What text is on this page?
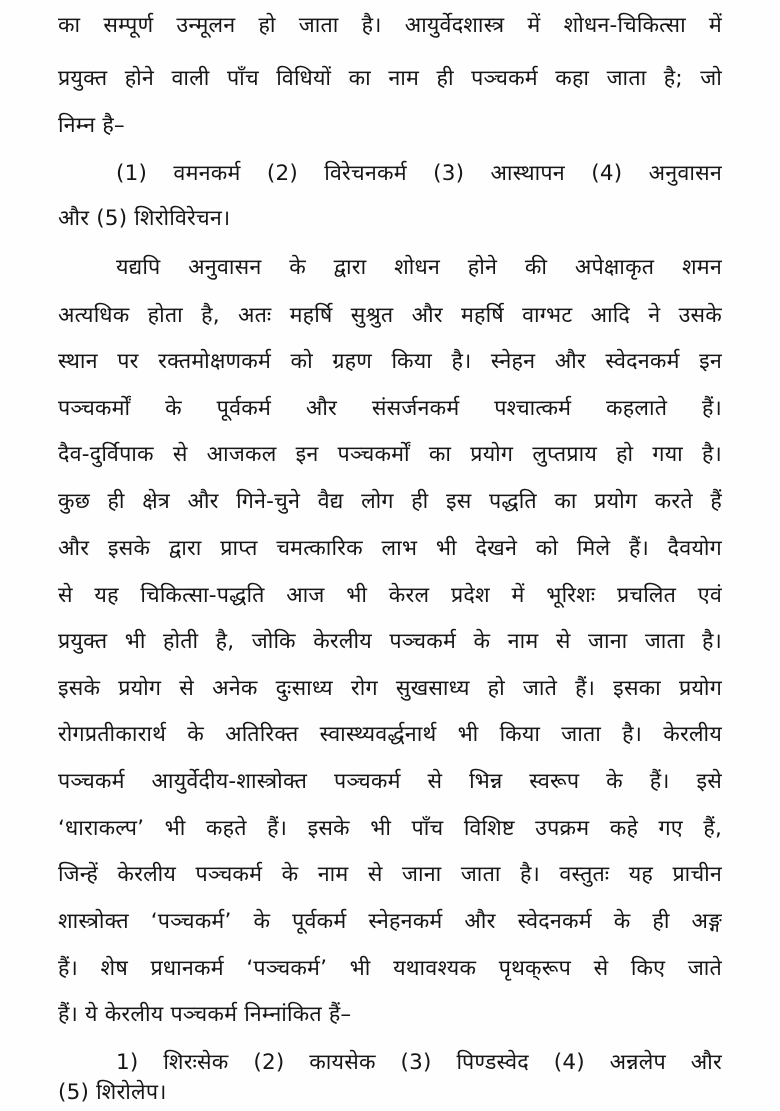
का सम्पूर्ण उन्मूलन हो जाता है। आयुर्वेदशास्त्र में शोधन-चिकित्सा में
प्रयुक्त होने वाली पाँच विधियों का नाम ही पञ्चकर्म कहा जाता है; जो
निम्न है–
(1) वमनकर्म (2) विरेचनकर्म (3) आस्थापन (4) अनुवासन
और (5) शिरोविरेचन।
यद्यपि अनुवासन के द्वारा शोधन होने की अपेक्षाकृत शमन
अत्यधिक होता है, अतः महर्षि सुश्रुत और महर्षि वाग्भट आदि ने उसके
स्थान पर रक्तमोक्षणकर्म को ग्रहण किया है। स्नेहन और स्वेदनकर्म इन
पञ्चकर्मों के पूर्वकर्म और संसर्जनकर्म पश्चात्कर्म कहलाते हैं।
दैव-दुर्विपाक से आजकल इन पञ्चकर्मों का प्रयोग लुप्तप्राय हो गया है।
कुछ ही क्षेत्र और गिने-चुने वैद्य लोग ही इस पद्धति का प्रयोग करते हैं
और इसके द्वारा प्राप्त चमत्कारिक लाभ भी देखने को मिले हैं। दैवयोग
से यह चिकित्सा-पद्धति आज भी केरल प्रदेश में भूरिशः प्रचलित एवं
प्रयुक्त भी होती है, जोकि केरलीय पञ्चकर्म के नाम से जाना जाता है।
इसके प्रयोग से अनेक दुःसाध्य रोग सुखसाध्य हो जाते हैं। इसका प्रयोग
रोगप्रतीकारार्थ के अतिरिक्त स्वास्थ्यवर्द्धनार्थ भी किया जाता है। केरलीय
पञ्चकर्म आयुर्वेदीय-शास्त्रोक्त पञ्चकर्म से भिन्न स्वरूप के हैं। इसे
‘धाराकल्प’ भी कहते हैं। इसके भी पाँच विशिष्ट उपक्रम कहे गए हैं,
जिन्हें केरलीय पञ्चकर्म के नाम से जाना जाता है। वस्तुतः यह प्राचीन
शास्त्रोक्त ‘पञ्चकर्म’ के पूर्वकर्म स्नेहनकर्म और स्वेदनकर्म के ही अङ्ग
हैं। शेष प्रधानकर्म ‘पञ्चकर्म’ भी यथावश्यक पृथक्‌रूप से किए जाते
हैं। ये केरलीय पञ्चकर्म निम्नांकित हैं–
1) शिरःसेक (2) कायसेक (3) पिण्डस्वेद (4) अन्नलेप और
(5) शिरोलेप।
